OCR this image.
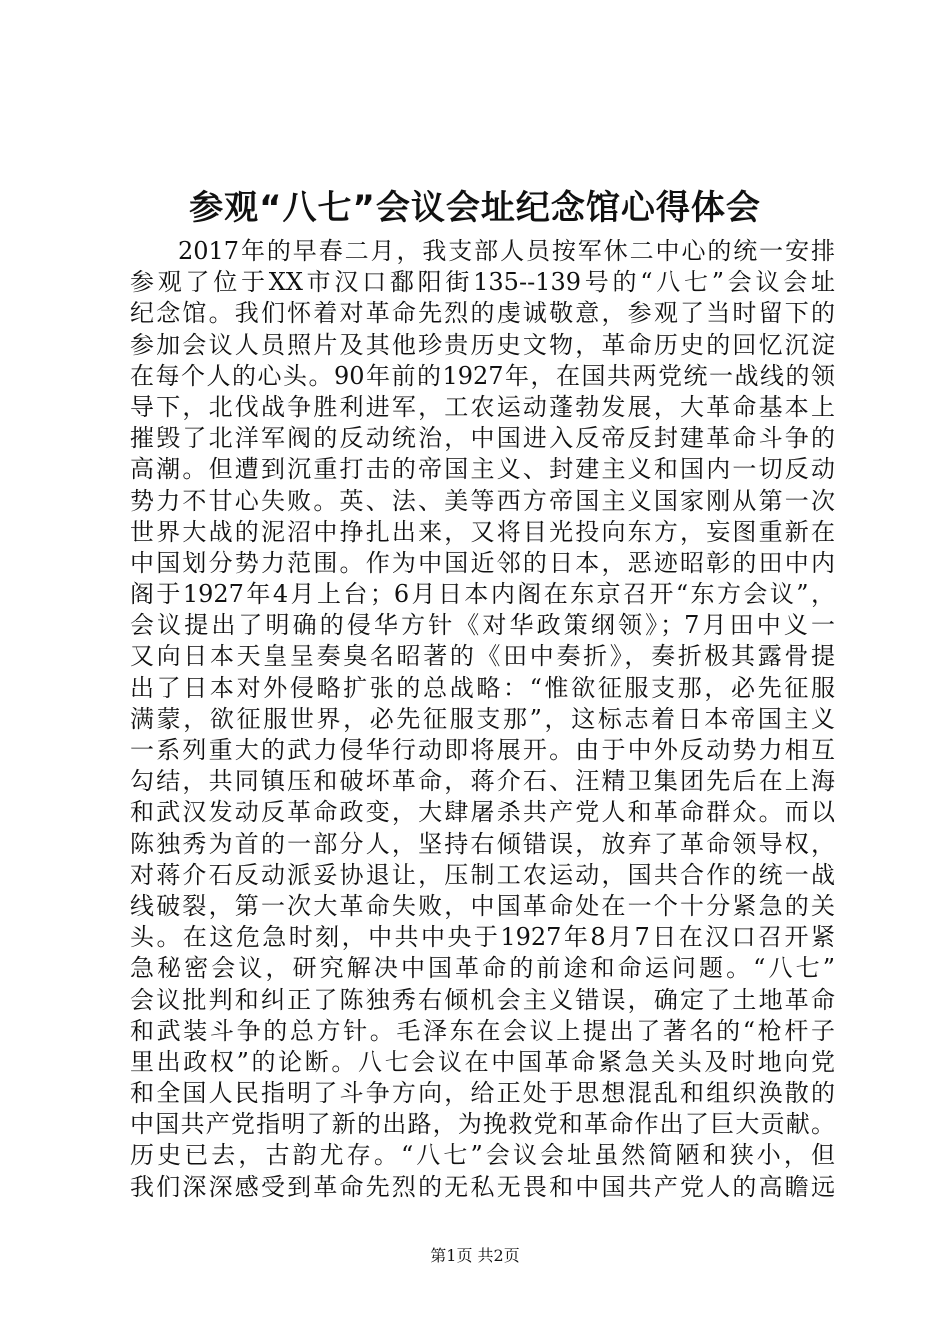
参观“八七”会议会址纪念馆心得体会
2017年的早春二月，我支部人员按军休二中心的统一安排
参观了位于XX市汉口鄱阳街135--139号的“八七”会议会址
纪念馆。我们怀着对革命先烈的虔诚敬意，参观了当时留下的
参加会议人员照片及其他珍贵历史文物，革命历史的回忆沉淀
在每个人的心头。90年前的1927年，在国共两党统一战线的领
导下，北伐战争胜利进军，工农运动蓬勃发展，大革命基本上
摧毁了北洋军阀的反动统治，中国进入反帝反封建革命斗争的
高潮。但遭到沉重打击的帝国主义、封建主义和国内一切反动
势力不甘心失败。英、法、美等西方帝国主义国家刚从第一次
世界大战的泥沼中挣扎出来，又将目光投向东方，妄图重新在
中国划分势力范围。作为中国近邻的日本，恶迹昭彰的田中内
阁于1927年4月上台；6月日本内阁在东京召开“东方会议”，
会议提出了明确的侵华方针《对华政策纲领》；7月田中义一
又向日本天皇呈奏臭名昭著的《田中奏折》，奏折极其露骨提
出了日本对外侵略扩张的总战略：“惟欲征服支那，必先征服
满蒙，欲征服世界，必先征服支那”，这标志着日本帝国主义
一系列重大的武力侵华行动即将展开。由于中外反动势力相互
勾结，共同镇压和破坏革命，蒋介石、汪精卫集团先后在上海
和武汉发动反革命政变，大肆屠杀共产党人和革命群众。而以
陈独秀为首的一部分人，坚持右倾错误，放弃了革命领导权，
对蒋介石反动派妥协退让，压制工农运动，国共合作的统一战
线破裂，第一次大革命失败，中国革命处在一个十分紧急的关
头。在这危急时刻，中共中央于1927年8月7日在汉口召开紧
急秘密会议，研究解决中国革命的前途和命运问题。“八七”
会议批判和纠正了陈独秀右倾机会主义错误，确定了土地革命
和武装斗争的总方针。毛泽东在会议上提出了著名的“枪杆子
里出政权”的论断。八七会议在中国革命紧急关头及时地向党
和全国人民指明了斗争方向，给正处于思想混乱和组织涣散的
中国共产党指明了新的出路，为挽救党和革命作出了巨大贡献。
历史已去，古韵尤存。“八七”会议会址虽然简陋和狭小，但
我们深深感受到革命先烈的无私无畏和中国共产党人的高瞻远
第1页 共2页
